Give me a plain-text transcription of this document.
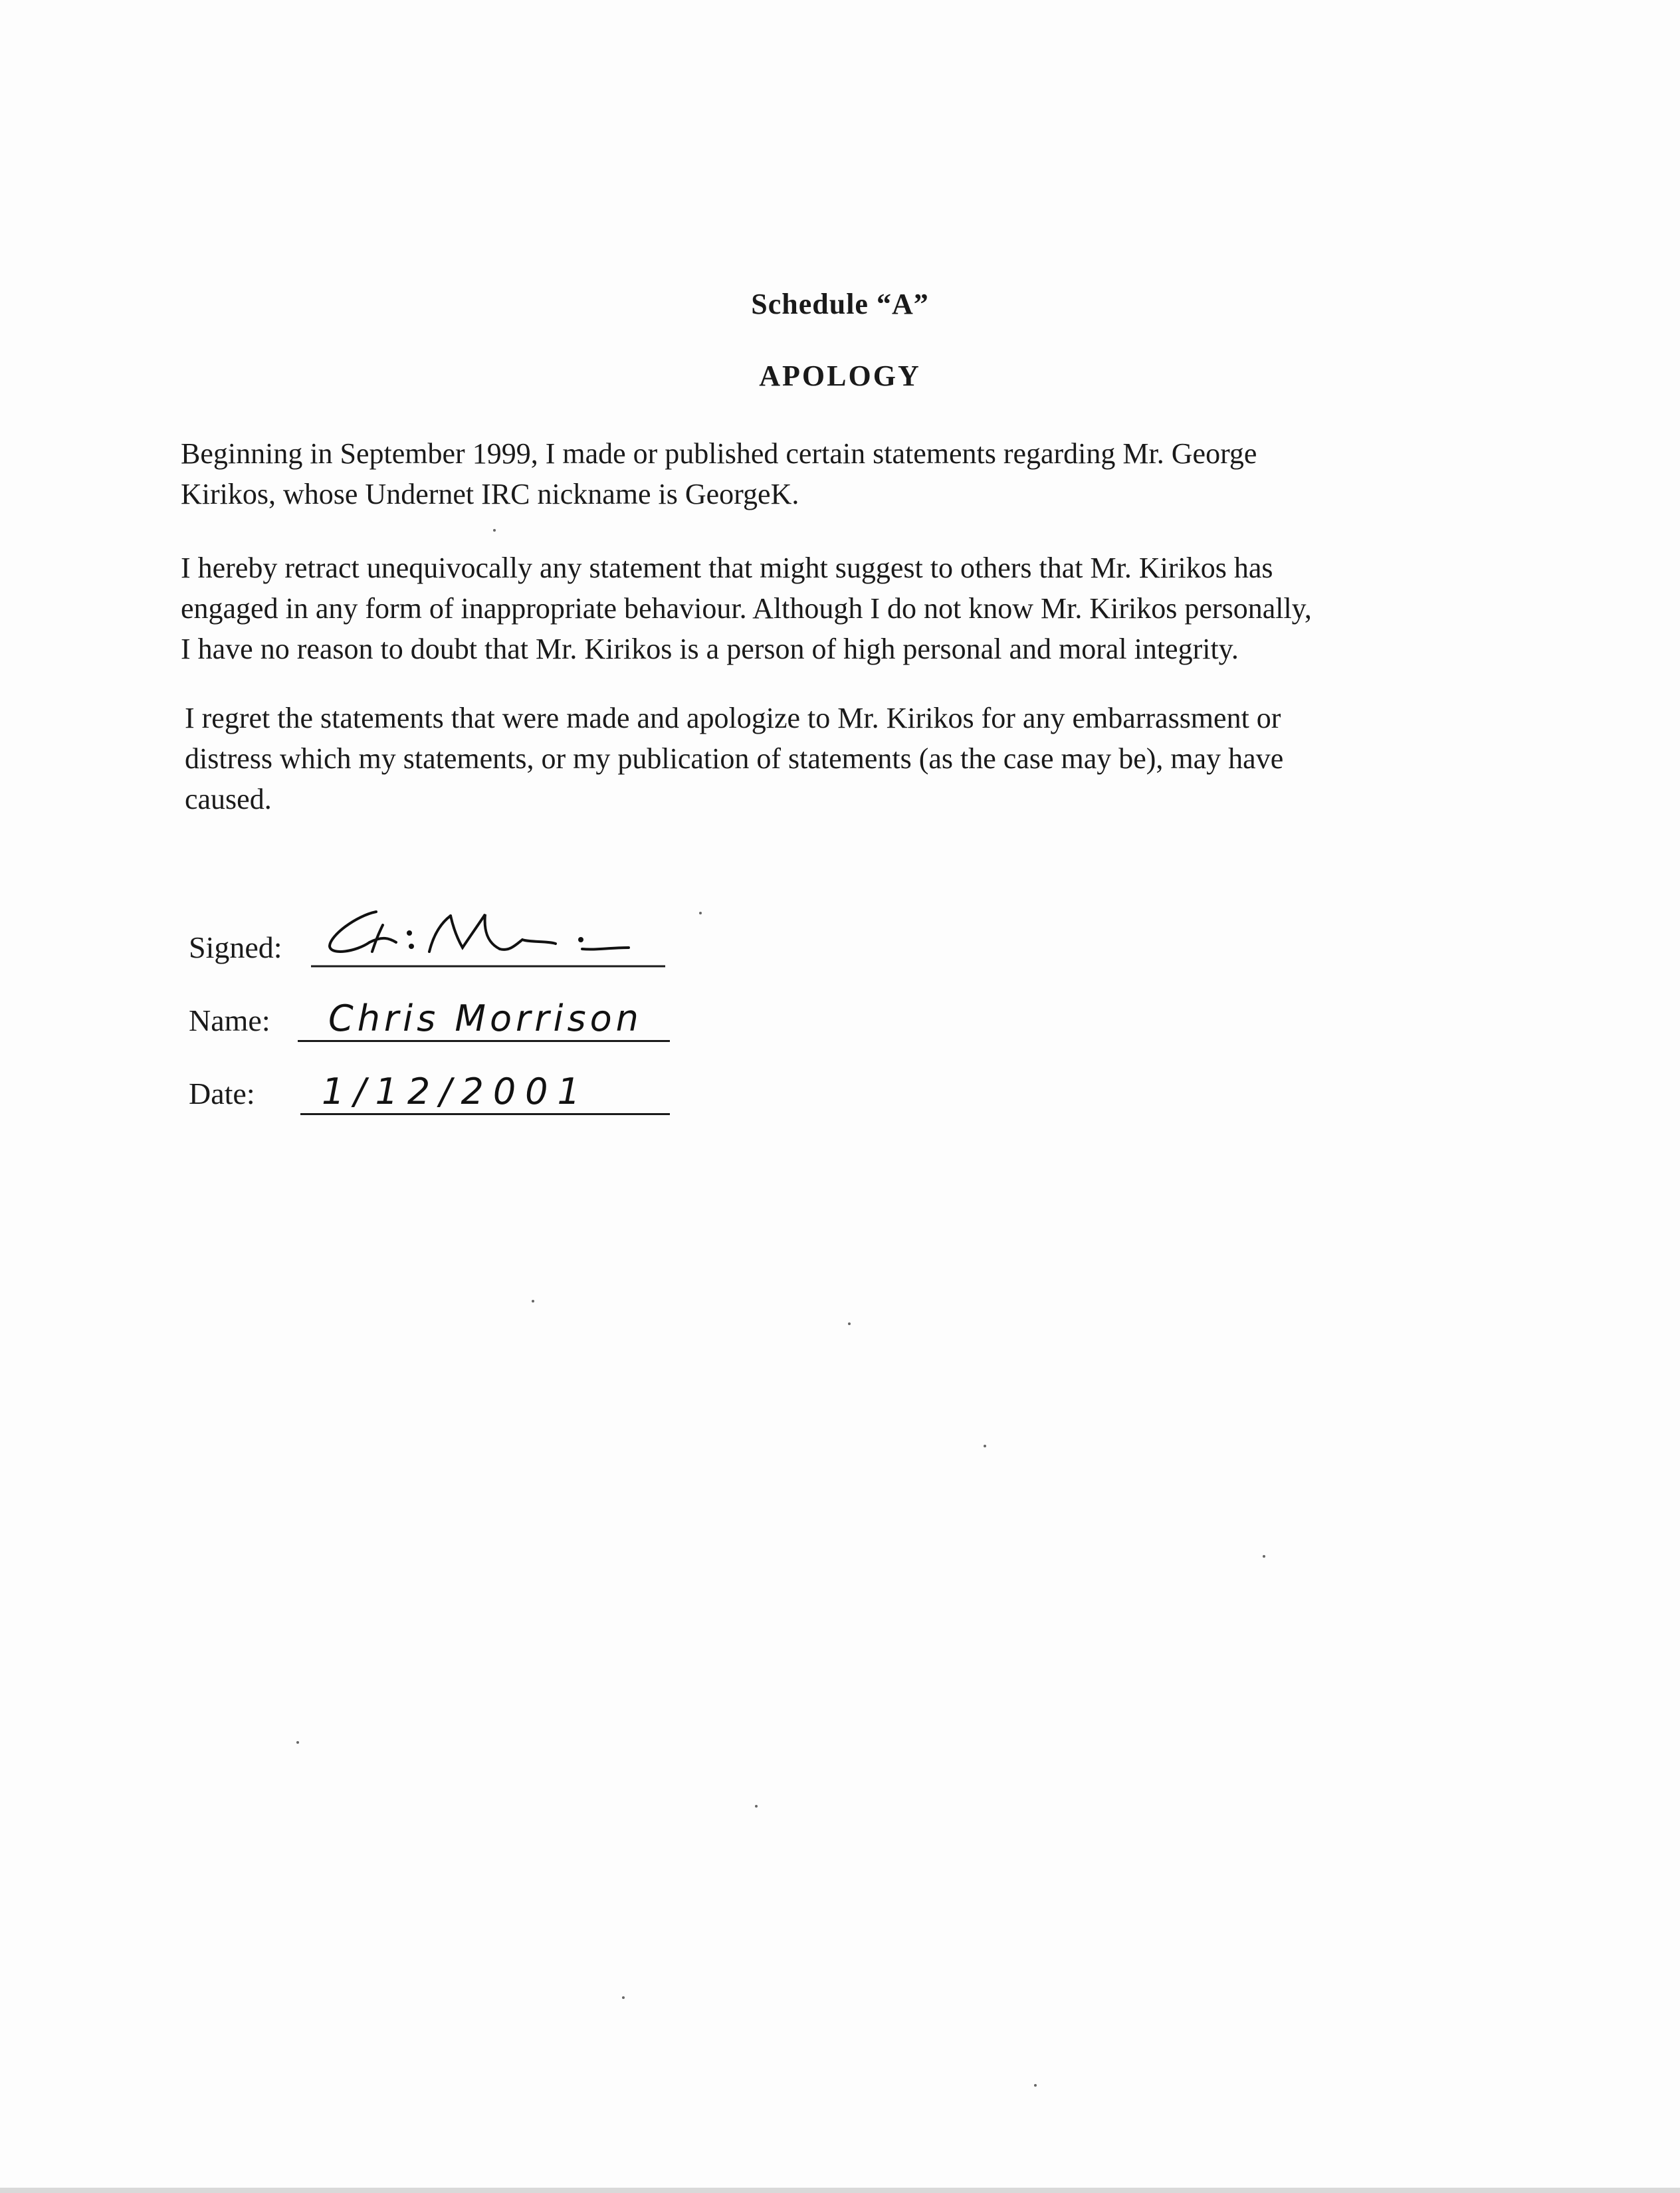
Schedule “A”
APOLOGY

Beginning in September 1999, I made or published certain statements regarding Mr. George
Kirikos, whose Undernet IRC nickname is GeorgeK.

I hereby retract unequivocally any statement that might suggest to others that Mr. Kirikos has
engaged in any form of inappropriate behaviour. Although I do not know Mr. Kirikos personally,
I have no reason to doubt that Mr. Kirikos is a person of high personal and moral integrity.

I regret the statements that were made and apologize to Mr. Kirikos for any embarrassment or
distress which my statements, or my publication of statements (as the case may be), may have
caused.

Signed:
Name: Chris Morrison
Date: 1/12/2001
